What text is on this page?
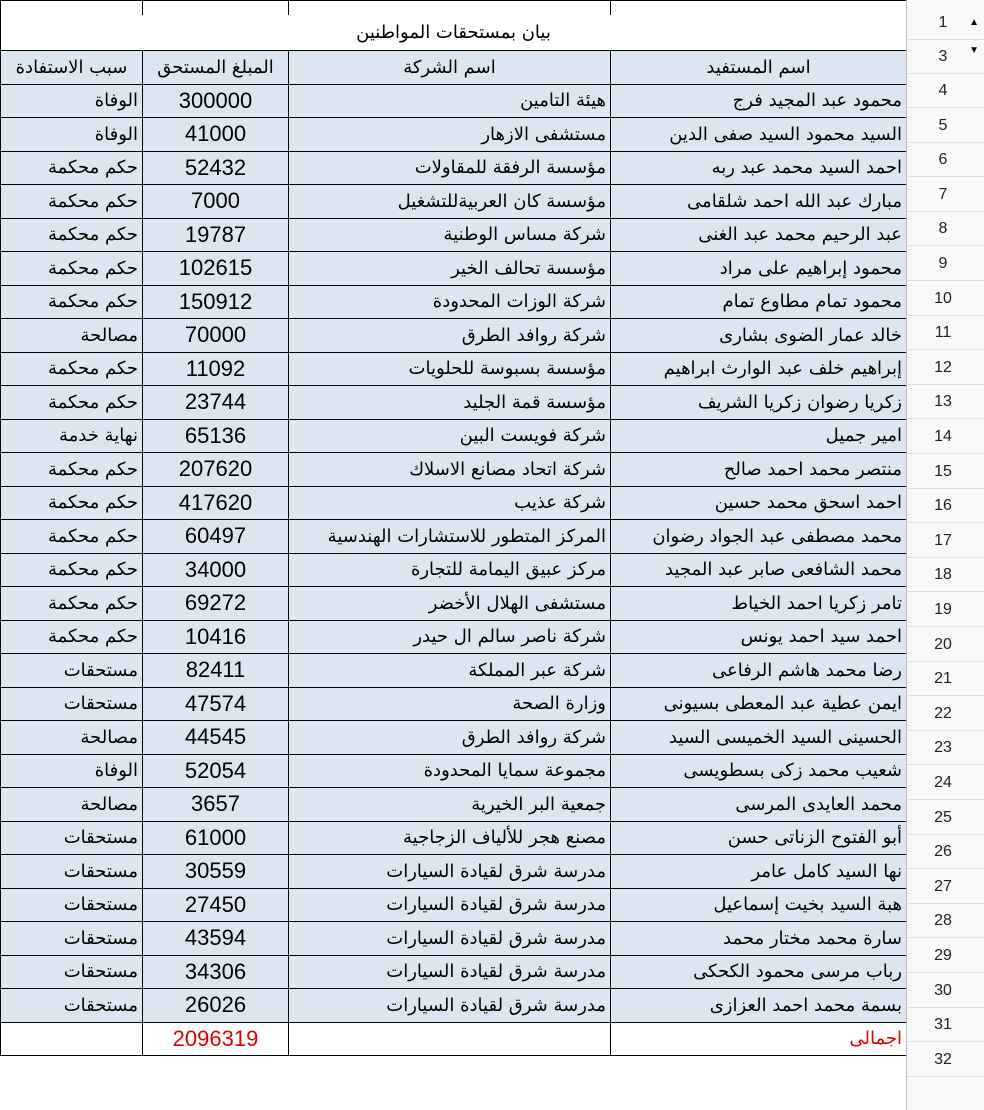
بيان بمستحقات المواطنين			
سبب الاستفادة	المبلغ المستحق	اسم الشركة	اسم المستفيد
الوفاة	300000	هيئة التامين	محمود عبد المجيد فرج
الوفاة	41000	مستشفى الازهار	السيد محمود السيد صفى الدين
حكم محكمة	52432	مؤسسة الرفقة للمقاولات	احمد السيد محمد عبد ربه
حكم محكمة	7000	مؤسسة كان العربيةللتشغيل	مبارك عبد الله احمد شلقامى
حكم محكمة	19787	شركة مساس الوطنية	عبد الرحيم محمد عبد الغنى
حكم محكمة	102615	مؤسسة تحالف الخير	محمود إبراهيم على مراد
حكم محكمة	150912	شركة الوزات المحدودة	محمود تمام مطاوع تمام
مصالحة	70000	شركة روافد الطرق	خالد عمار الضوى بشارى
حكم محكمة	11092	مؤسسة بسبوسة للحلويات	إبراهيم خلف عبد الوارث ابراهيم
حكم محكمة	23744	مؤسسة قمة الجليد	زكريا رضوان زكريا الشريف
نهاية خدمة	65136	شركة فويست البين	امير جميل
حكم محكمة	207620	شركة اتحاد مصانع الاسلاك	منتصر محمد احمد صالح
حكم محكمة	417620	شركة عذيب	احمد اسحق محمد حسين
حكم محكمة	60497	المركز المتطور للاستشارات الهندسية	محمد مصطفى عبد الجواد رضوان
حكم محكمة	34000	مركز عبيق اليمامة للتجارة	محمد الشافعى صابر عبد المجيد
حكم محكمة	69272	مستشفى الهلال الأخضر	تامر زكريا احمد الخياط
حكم محكمة	10416	شركة ناصر سالم ال حيدر	احمد سيد احمد يونس
مستحقات	82411	شركة عبر المملكة	رضا محمد هاشم الرفاعى
مستحقات	47574	وزارة الصحة	ايمن عطية عبد المعطى بسيونى
مصالحة	44545	شركة روافد الطرق	الحسينى السيد الخميسى السيد
الوفاة	52054	مجموعة سمايا المحدودة	شعيب محمد زكى بسطويسى
مصالحة	3657	جمعية البر الخيرية	محمد العايدى المرسى
مستحقات	61000	مصنع هجر للألياف الزجاجية	أبو الفتوح الزناتى حسن
مستحقات	30559	مدرسة شرق لقيادة السيارات	نها السيد كامل عامر
مستحقات	27450	مدرسة شرق لقيادة السيارات	هبة السيد بخيت إسماعيل
مستحقات	43594	مدرسة شرق لقيادة السيارات	سارة محمد مختار محمد
مستحقات	34306	مدرسة شرق لقيادة السيارات	رباب مرسى محمود الكحكى
مستحقات	26026	مدرسة شرق لقيادة السيارات	بسمة محمد احمد العزازى
	2096319		اجمالى
1 ▲
3 ▼
4
5
6
7
8
9
10
11
12
13
14
15
16
17
18
19
20
21
22
23
24
25
26
27
28
29
30
31
32
